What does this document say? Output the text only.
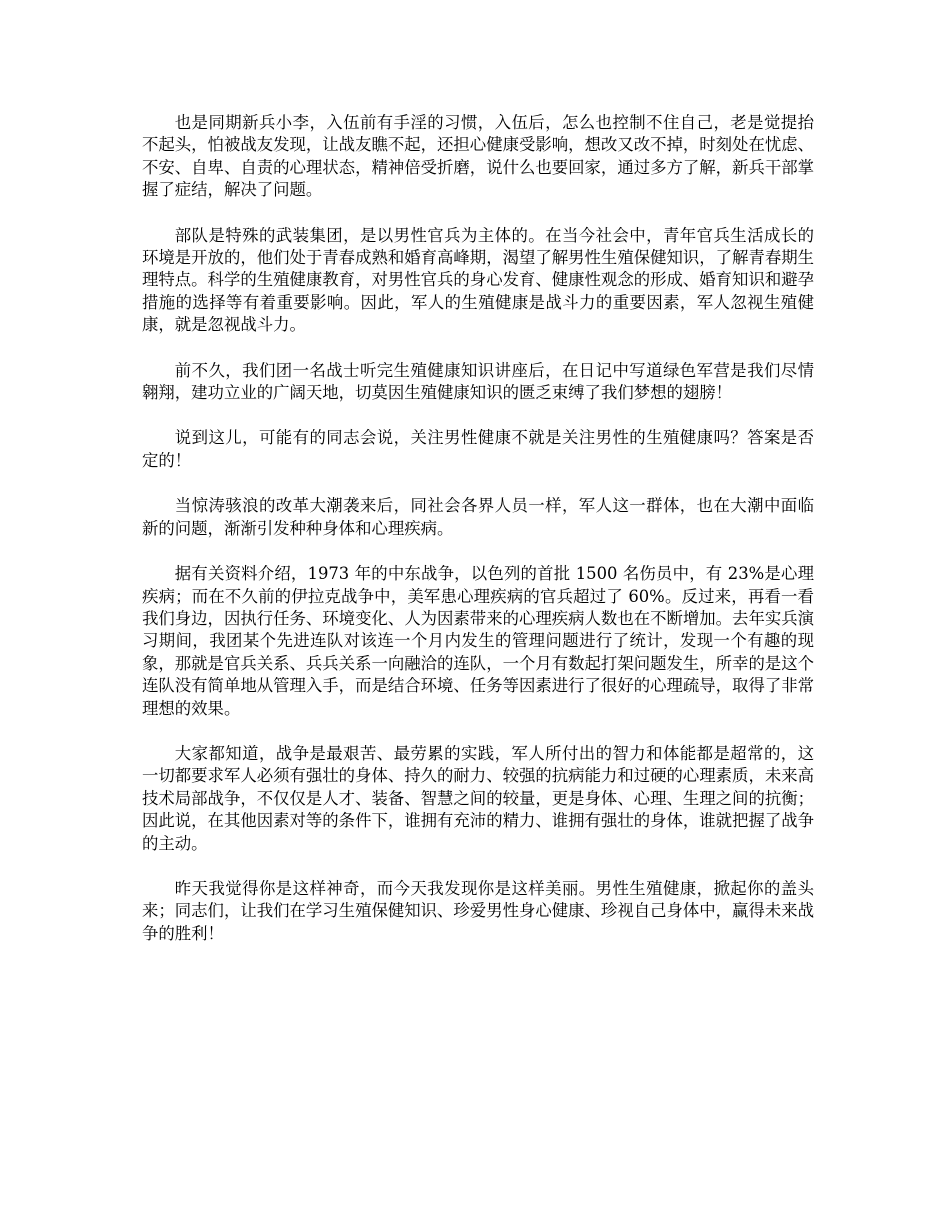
也是同期新兵小李，入伍前有手淫的习惯，入伍后，怎么也控制不住自己，老是觉提抬不起头，怕被战友发现，让战友瞧不起，还担心健康受影响，想改又改不掉，时刻处在忧虑、不安、自卑、自责的心理状态，精神倍受折磨，说什么也要回家，通过多方了解，新兵干部掌握了症结，解决了问题。

部队是特殊的武装集团，是以男性官兵为主体的。在当今社会中，青年官兵生活成长的环境是开放的，他们处于青春成熟和婚育高峰期，渴望了解男性生殖保健知识，了解青春期生理特点。科学的生殖健康教育，对男性官兵的身心发育、健康性观念的形成、婚育知识和避孕措施的选择等有着重要影响。因此，军人的生殖健康是战斗力的重要因素，军人忽视生殖健康，就是忽视战斗力。

前不久，我们团一名战士听完生殖健康知识讲座后，在日记中写道绿色军营是我们尽情翱翔，建功立业的广阔天地，切莫因生殖健康知识的匮乏束缚了我们梦想的翅膀！

说到这儿，可能有的同志会说，关注男性健康不就是关注男性的生殖健康吗？答案是否定的！

当惊涛骇浪的改革大潮袭来后，同社会各界人员一样，军人这一群体，也在大潮中面临新的问题，渐渐引发种种身体和心理疾病。

据有关资料介绍，1973 年的中东战争，以色列的首批 1500 名伤员中，有 23%是心理疾病；而在不久前的伊拉克战争中，美军患心理疾病的官兵超过了 60%。反过来，再看一看我们身边，因执行任务、环境变化、人为因素带来的心理疾病人数也在不断增加。去年实兵演习期间，我团某个先进连队对该连一个月内发生的管理问题进行了统计，发现一个有趣的现象，那就是官兵关系、兵兵关系一向融洽的连队，一个月有数起打架问题发生，所幸的是这个连队没有简单地从管理入手，而是结合环境、任务等因素进行了很好的心理疏导，取得了非常理想的效果。

大家都知道，战争是最艰苦、最劳累的实践，军人所付出的智力和体能都是超常的，这一切都要求军人必须有强壮的身体、持久的耐力、较强的抗病能力和过硬的心理素质，未来高技术局部战争，不仅仅是人才、装备、智慧之间的较量，更是身体、心理、生理之间的抗衡；因此说，在其他因素对等的条件下，谁拥有充沛的精力、谁拥有强壮的身体，谁就把握了战争的主动。

昨天我觉得你是这样神奇，而今天我发现你是这样美丽。男性生殖健康，掀起你的盖头来；同志们，让我们在学习生殖保健知识、珍爱男性身心健康、珍视自己身体中，赢得未来战争的胜利！
